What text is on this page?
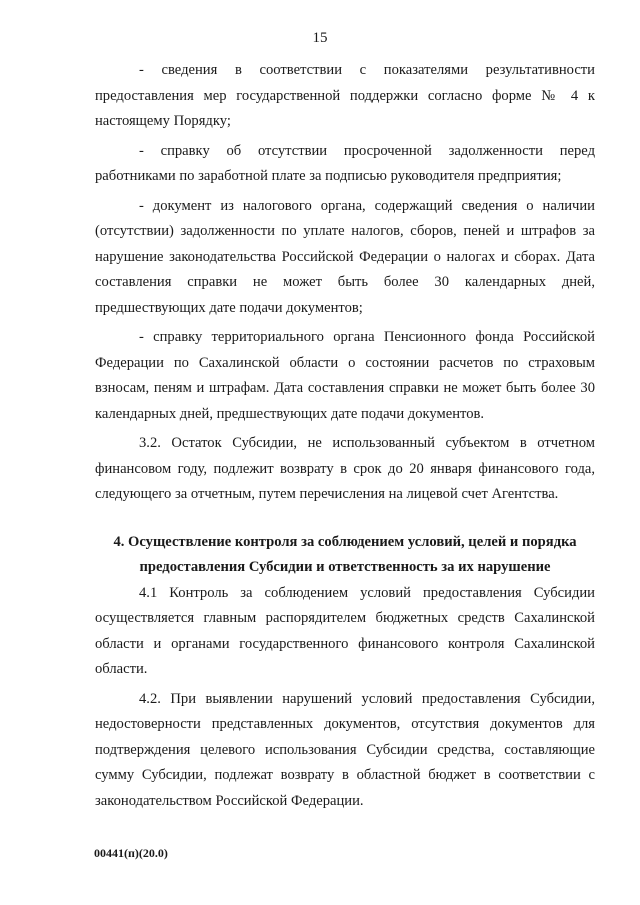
15

- сведения в соответствии с показателями результативности предоставления мер государственной поддержки согласно форме № 4 к настоящему Порядку;

- справку об отсутствии просроченной задолженности перед работниками по заработной плате за подписью руководителя предприятия;

- документ из налогового органа, содержащий сведения о наличии (отсутствии) задолженности по уплате налогов, сборов, пеней и штрафов за нарушение законодательства Российской Федерации о налогах и сборах. Дата составления справки не может быть более 30 календарных дней, предшествующих дате подачи документов;

- справку территориального органа Пенсионного фонда Российской Федерации по Сахалинской области о состоянии расчетов по страховым взносам, пеням и штрафам. Дата составления справки не может быть более 30 календарных дней, предшествующих дате подачи документов.

3.2. Остаток Субсидии, не использованный субъектом в отчетном финансовом году, подлежит возврату в срок до 20 января финансового года, следующего за отчетным, путем перечисления на лицевой счет Агентства.

4. Осуществление контроля за соблюдением условий, целей и порядка
предоставления Субсидии и ответственность за их нарушение

4.1 Контроль за соблюдением условий предоставления Субсидии осуществляется главным распорядителем бюджетных средств Сахалинской области и органами государственного финансового контроля Сахалинской области.

4.2. При выявлении нарушений условий предоставления Субсидии, недостоверности представленных документов, отсутствия документов для подтверждения целевого использования Субсидии средства, составляющие сумму Субсидии, подлежат возврату в областной бюджет в соответствии с законодательством Российской Федерации.

00441(п)(20.0)
